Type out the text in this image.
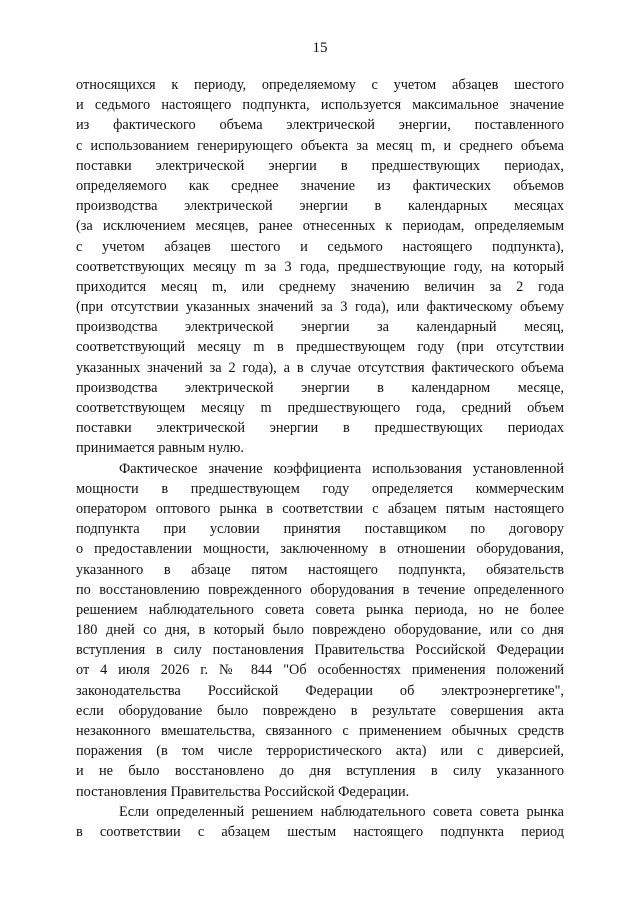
15
относящихся к периоду, определяемому с учетом абзацев шестого
и седьмого настоящего подпункта, используется максимальное значение
из фактического объема электрической энергии, поставленного
с использованием генерирующего объекта за месяц m, и среднего объема
поставки электрической энергии в предшествующих периодах,
определяемого как среднее значение из фактических объемов
производства электрической энергии в календарных месяцах
(за исключением месяцев, ранее отнесенных к периодам, определяемым
с учетом абзацев шестого и седьмого настоящего подпункта),
соответствующих месяцу m за 3 года, предшествующие году, на который
приходится месяц m, или среднему значению величин за 2 года
(при отсутствии указанных значений за 3 года), или фактическому объему
производства электрической энергии за календарный месяц,
соответствующий месяцу m в предшествующем году (при отсутствии
указанных значений за 2 года), а в случае отсутствия фактического объема
производства электрической энергии в календарном месяце,
соответствующем месяцу m предшествующего года, средний объем
поставки электрической энергии в предшествующих периодах
принимается равным нулю.
Фактическое значение коэффициента использования установленной
мощности в предшествующем году определяется коммерческим
оператором оптового рынка в соответствии с абзацем пятым настоящего
подпункта при условии принятия поставщиком по договору
о предоставлении мощности, заключенному в отношении оборудования,
указанного в абзаце пятом настоящего подпункта, обязательств
по восстановлению поврежденного оборудования в течение определенного
решением наблюдательного совета совета рынка периода, но не более
180 дней со дня, в который было повреждено оборудование, или со дня
вступления в силу постановления Правительства Российской Федерации
от 4 июля 2026 г. № 844 "Об особенностях применения положений
законодательства Российской Федерации об электроэнергетике",
если оборудование было повреждено в результате совершения акта
незаконного вмешательства, связанного с применением обычных средств
поражения (в том числе террористического акта) или с диверсией,
и не было восстановлено до дня вступления в силу указанного
постановления Правительства Российской Федерации.
Если определенный решением наблюдательного совета совета рынка
в соответствии с абзацем шестым настоящего подпункта период
